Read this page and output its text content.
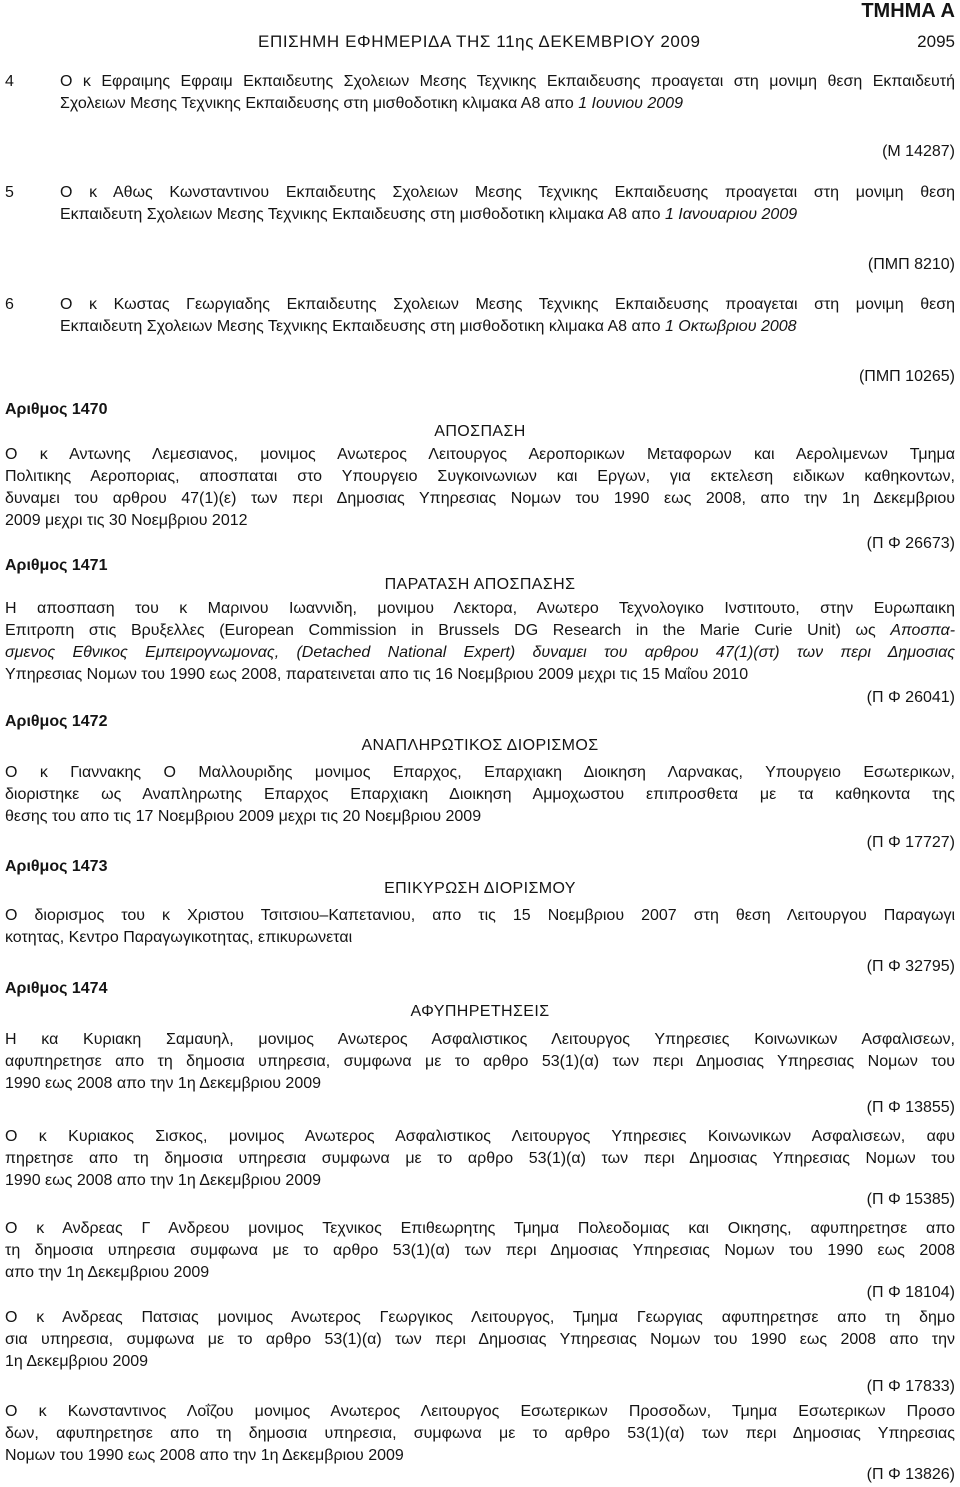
ΤΜΗΜΑ Α
ΕΠΙΣΗΜΗ ΕΦΗΜΕΡΙΔΑ ΤΗΣ 11ης ΔΕΚΕΜΒΡΙΟΥ 2009	2095
4	Ο κ Εφραιμης Εφραιμ Εκπαιδευτης Σχολειων Μεσης Τεχνικης Εκπαιδευσης προαγεται στη μονιμη θεση Εκπαιδευτή
Σχολειων Μεσης Τεχνικης Εκπαιδευσης στη μισθοδοτικη κλιμακα Α8 απο 1 Ιουνιου 2009
(Μ 14287)
5	Ο κ Αθως Κωνσταντινου Εκπαιδευτης Σχολειων Μεσης Τεχνικης Εκπαιδευσης προαγεται στη μονιμη θεση
Εκπαιδευτη Σχολειων Μεσης Τεχνικης Εκπαιδευσης στη μισθοδοτικη κλιμακα Α8 απο 1 Ιανουαριου 2009
(ΠΜΠ 8210)
6	Ο κ Κωστας Γεωργιαδης Εκπαιδευτης Σχολειων Μεσης Τεχνικης Εκπαιδευσης προαγεται στη μονιμη θεση
Εκπαιδευτη Σχολειων Μεσης Τεχνικης Εκπαιδευσης στη μισθοδοτικη κλιμακα Α8 απο 1 Οκτωβριου 2008
(ΠΜΠ 10265)
Αριθμος 1470
ΑΠΟΣΠΑΣΗ
Ο κ Αντωνης Λεμεσιανος, μονιμος Ανωτερος Λειτουργος Αεροπορικων Μεταφορων και Αερολιμενων Τμημα
Πολιτικης Αεροποριας, αποσπαται στο Υπουργειο Συγκοινωνιων και Εργων, για εκτελεση ειδικων καθηκοντων,
δυναμει του αρθρου 47(1)(ε) των περι Δημοσιας Υπηρεσιας Νομων του 1990 εως 2008, απο την 1η Δεκεμβριου
2009 μεχρι τις 30 Νοεμβριου 2012
(Π Φ 26673)
Αριθμος 1471
ΠΑΡΑΤΑΣΗ ΑΠΟΣΠΑΣΗΣ
Η αποσπαση του κ Μαρινου Ιωαννιδη, μονιμου Λεκτορα, Ανωτερο Τεχνολογικο Ινστιτουτο, στην Ευρωπαικη
Επιτροπη στις Βρυξελλες (European Commission in Brussels DG Research in the Marie Curie Unit) ως Αποσπα-
σμενος Εθνικος Εμπειρογνωμονας, (Detached National Expert) δυναμει του αρθρου 47(1)(στ) των περι Δημοσιας
Υπηρεσιας Νομων του 1990 εως 2008, παρατεινεται απο τις 16 Νοεμβριου 2009 μεχρι τις 15 Μαΐου 2010
(Π Φ 26041)
Αριθμος 1472
ΑΝΑΠΛΗΡΩΤΙΚΟΣ ΔΙΟΡΙΣΜΟΣ
Ο κ Γιαννακης Ο Μαλλουριδης μονιμος Επαρχος, Επαρχιακη Διοικηση Λαρνακας, Υπουργειο Εσωτερικων,
διοριστηκε ως Αναπληρωτης Επαρχος Επαρχιακη Διοικηση Αμμοχωστου επιπροσθετα με τα καθηκοντα της
θεσης του απο τις 17 Νοεμβριου 2009 μεχρι τις 20 Νοεμβριου 2009
(Π Φ 17727)
Αριθμος 1473
ΕΠΙΚΥΡΩΣΗ ΔΙΟΡΙΣΜΟΥ
Ο διορισμος του κ Χριστου Τσιτσιου–Καπετανιου, απο τις 15 Νοεμβριου 2007 στη θεση Λειτουργου Παραγωγι
κοτητας, Κεντρο Παραγωγικοτητας, επικυρωνεται
(Π Φ 32795)
Αριθμος 1474
ΑΦΥΠΗΡΕΤΗΣΕΙΣ
Η κα Κυριακη Σαμαυηλ, μονιμος Ανωτερος Ασφαλιστικος Λειτουργος Υπηρεσιες Κοινωνικων Ασφαλισεων,
αφυπηρετησε απο τη δημοσια υπηρεσια, συμφωνα με το αρθρο 53(1)(α) των περι Δημοσιας Υπηρεσιας Νομων του
1990 εως 2008 απο την 1η Δεκεμβριου 2009
(Π Φ 13855)
Ο κ Κυριακος Σισκος, μονιμος Ανωτερος Ασφαλιστικος Λειτουργος Υπηρεσιες Κοινωνικων Ασφαλισεων, αφυ
πηρετησε απο τη δημοσια υπηρεσια συμφωνα με το αρθρο 53(1)(α) των περι Δημοσιας Υπηρεσιας Νομων του
1990 εως 2008 απο την 1η Δεκεμβριου 2009
(Π Φ 15385)
Ο κ Ανδρεας Γ Ανδρεου μονιμος Τεχνικος Επιθεωρητης Τμημα Πολεοδομιας και Οικησης, αφυπηρετησε απο
τη δημοσια υπηρεσια συμφωνα με το αρθρο 53(1)(α) των περι Δημοσιας Υπηρεσιας Νομων του 1990 εως 2008
απο την 1η Δεκεμβριου 2009
(Π Φ 18104)
Ο κ Ανδρεας Πατσιας μονιμος Ανωτερος Γεωργικος Λειτουργος, Τμημα Γεωργιας αφυπηρετησε απο τη δημο
σια υπηρεσια, συμφωνα με το αρθρο 53(1)(α) των περι Δημοσιας Υπηρεσιας Νομων του 1990 εως 2008 απο την
1η Δεκεμβριου 2009
(Π Φ 17833)
Ο κ Κωνσταντινος Λοΐζου μονιμος Ανωτερος Λειτουργος Εσωτερικων Προσοδων, Τμημα Εσωτερικων Προσο
δων, αφυπηρετησε απο τη δημοσια υπηρεσια, συμφωνα με το αρθρο 53(1)(α) των περι Δημοσιας Υπηρεσιας
Νομων του 1990 εως 2008 απο την 1η Δεκεμβριου 2009
(Π Φ 13826)
